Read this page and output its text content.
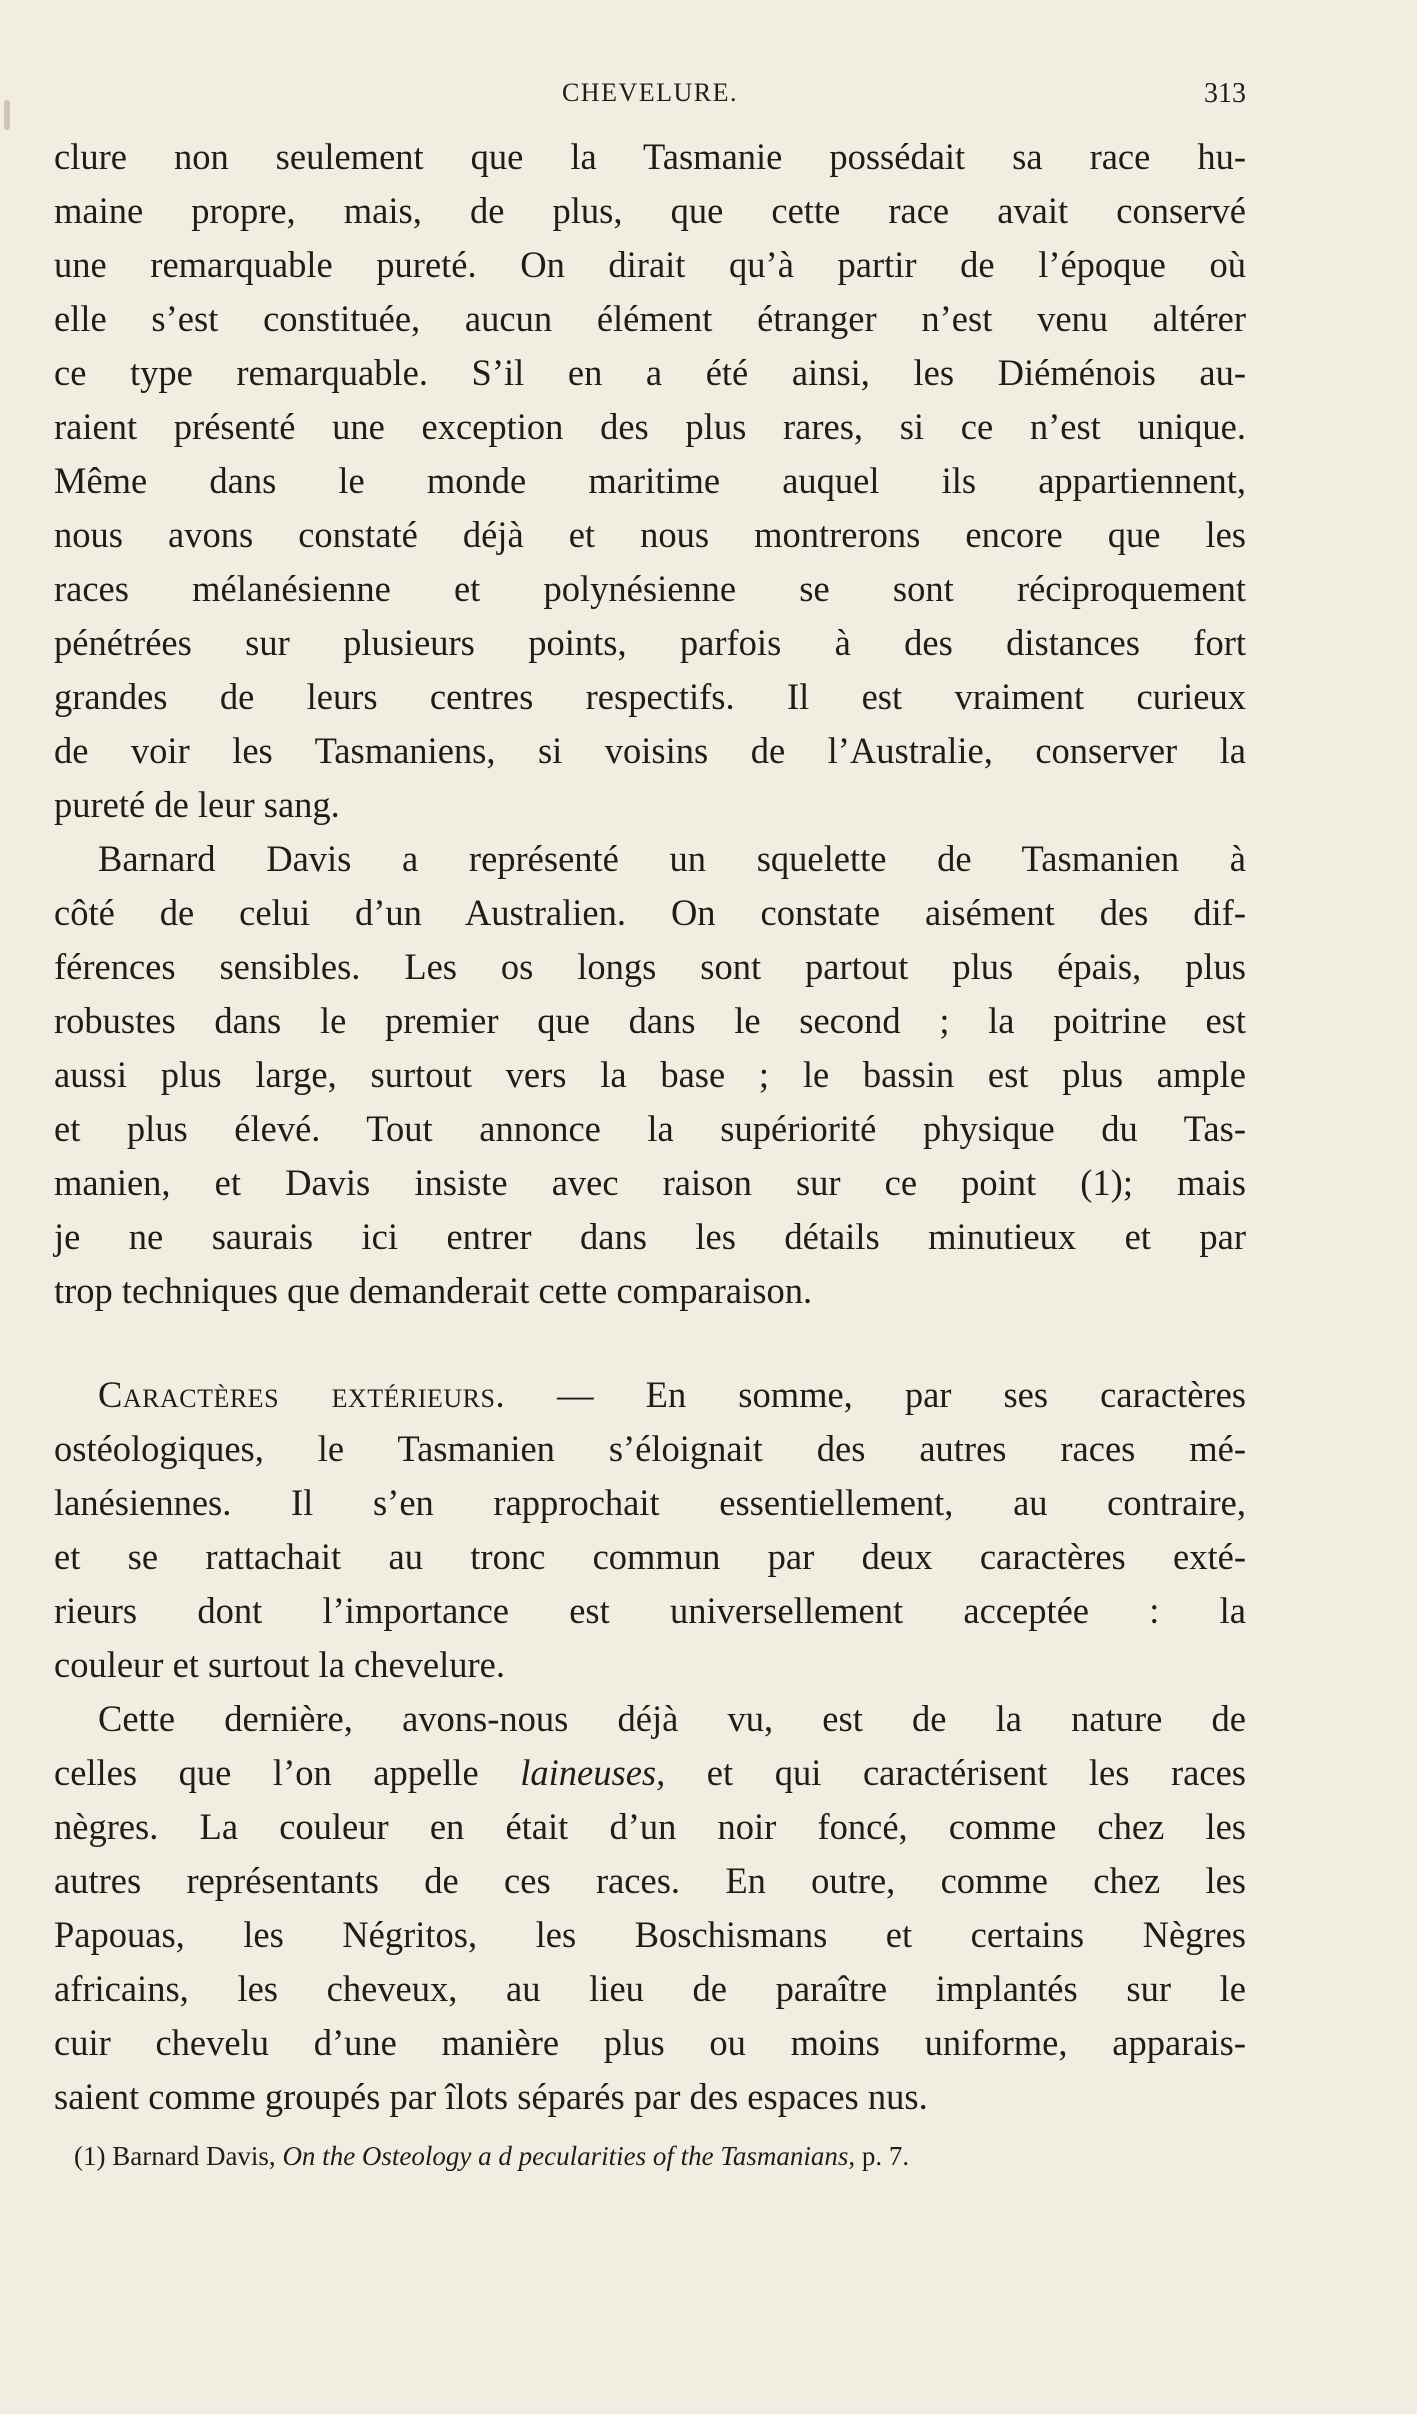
CHEVELURE.	313
clure non seulement que la Tasmanie possédait sa race hu-
maine propre, mais, de plus, que cette race avait conservé
une remarquable pureté. On dirait qu’à partir de l’époque où
elle s’est constituée, aucun élément étranger n’est venu altérer
ce type remarquable. S’il en a été ainsi, les Diéménois au-
raient présenté une exception des plus rares, si ce n’est unique.
Même dans le monde maritime auquel ils appartiennent,
nous avons constaté déjà et nous montrerons encore que les
races mélanésienne et polynésienne se sont réciproquement
pénétrées sur plusieurs points, parfois à des distances fort
grandes de leurs centres respectifs. Il est vraiment curieux
de voir les Tasmaniens, si voisins de l’Australie, conserver la
pureté de leur sang.
Barnard Davis a représenté un squelette de Tasmanien à
côté de celui d’un Australien. On constate aisément des dif-
férences sensibles. Les os longs sont partout plus épais, plus
robustes dans le premier que dans le second ; la poitrine est
aussi plus large, surtout vers la base ; le bassin est plus ample
et plus élevé. Tout annonce la supériorité physique du Tas-
manien, et Davis insiste avec raison sur ce point (1); mais
je ne saurais ici entrer dans les détails minutieux et par
trop techniques que demanderait cette comparaison.
Caractères extérieurs. — En somme, par ses caractères
ostéologiques, le Tasmanien s’éloignait des autres races mé-
lanésiennes. Il s’en rapprochait essentiellement, au contraire,
et se rattachait au tronc commun par deux caractères exté-
rieurs dont l’importance est universellement acceptée : la
couleur et surtout la chevelure.
Cette dernière, avons-nous déjà vu, est de la nature de
celles que l’on appelle laineuses, et qui caractérisent les races
nègres. La couleur en était d’un noir foncé, comme chez les
autres représentants de ces races. En outre, comme chez les
Papouas, les Négritos, les Boschismans et certains Nègres
africains, les cheveux, au lieu de paraître implantés sur le
cuir chevelu d’une manière plus ou moins uniforme, apparais-
saient comme groupés par îlots séparés par des espaces nus.
(1) Barnard Davis, On the Osteology a d pecularities of the Tasmanians, p. 7.
